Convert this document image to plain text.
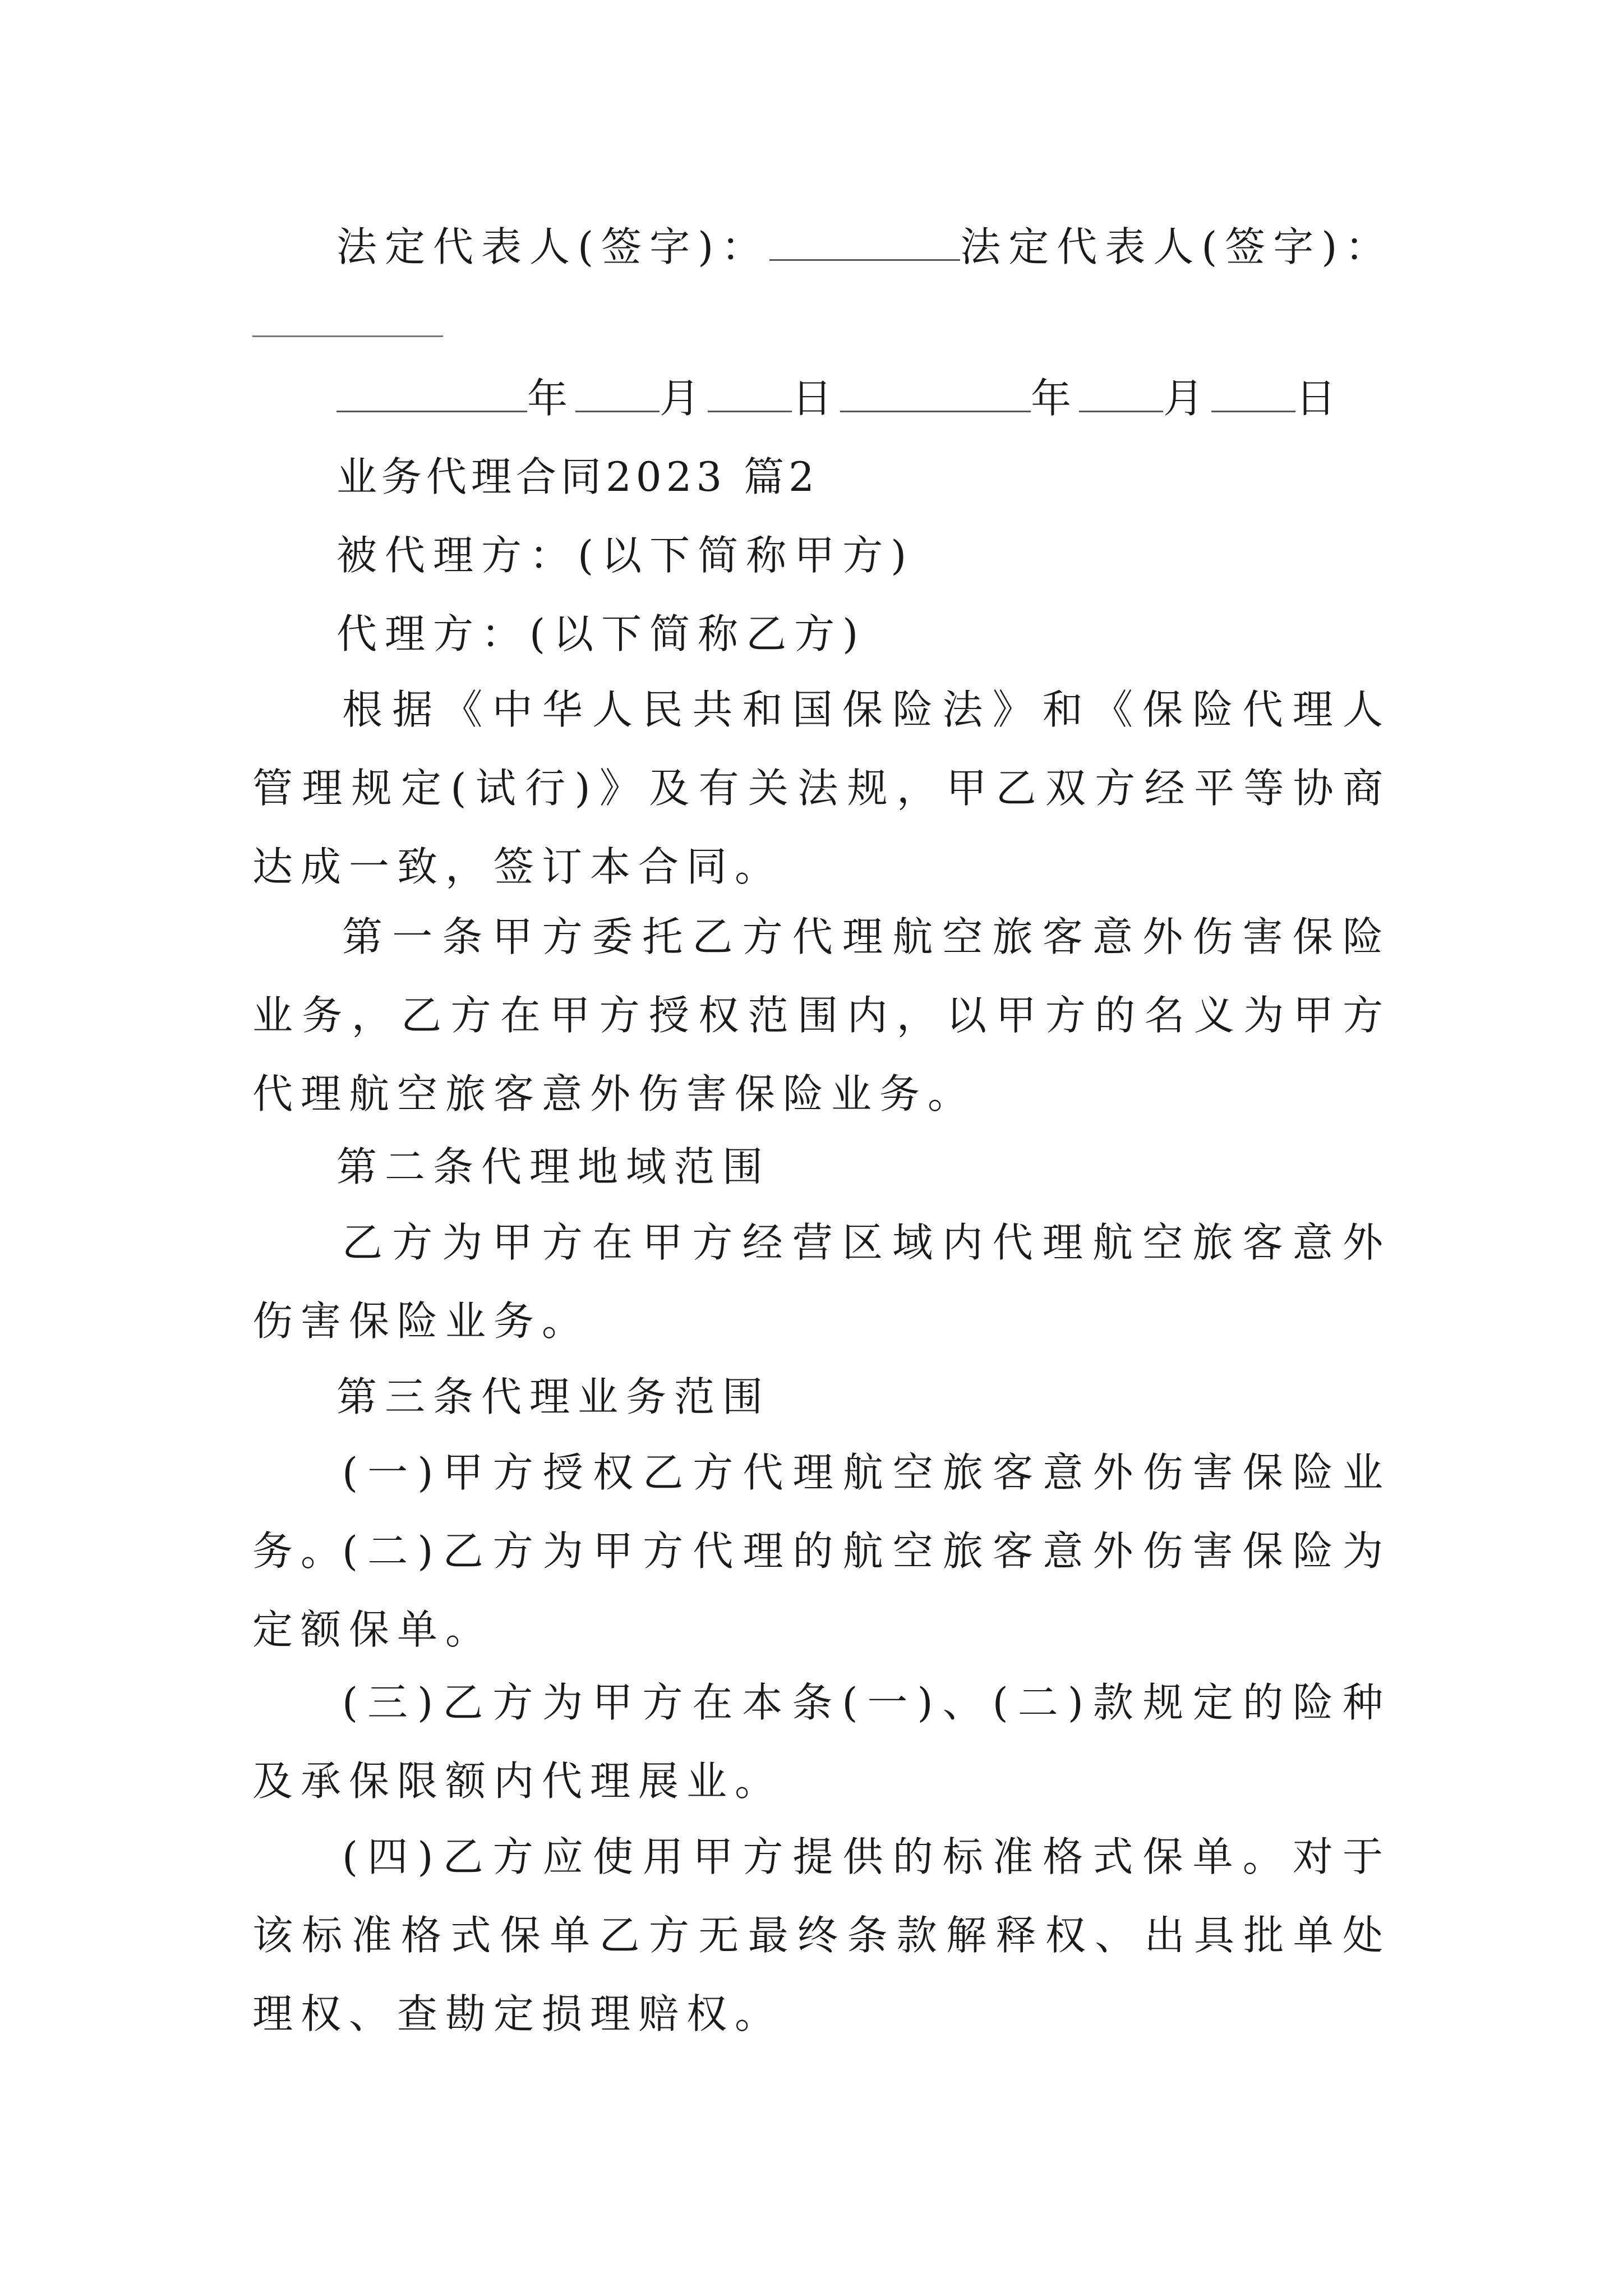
法定代表人(签字)：	法定代表人(签字)：
年 月 日	年 月 日
业务代理合同2023 篇2
被代理方：(以下简称甲方)
代理方：(以下简称乙方)
根据《中华人民共和国保险法》和《保险代理人管理规定(试行)》及有关法规，甲乙双方经平等协商达成一致，签订本合同。
第一条甲方委托乙方代理航空旅客意外伤害保险业务，乙方在甲方授权范围内，以甲方的名义为甲方代理航空旅客意外伤害保险业务。
第二条代理地域范围
乙方为甲方在甲方经营区域内代理航空旅客意外伤害保险业务。
第三条代理业务范围
(一)甲方授权乙方代理航空旅客意外伤害保险业务。
(二)乙方为甲方代理的航空旅客意外伤害保险为定额保单。
(三)乙方为甲方在本条(一)、(二)款规定的险种及承保限额内代理展业。
(四)乙方应使用甲方提供的标准格式保单。对于该标准格式保单乙方无最终条款解释权、出具批单处理权、查勘定损理赔权。
